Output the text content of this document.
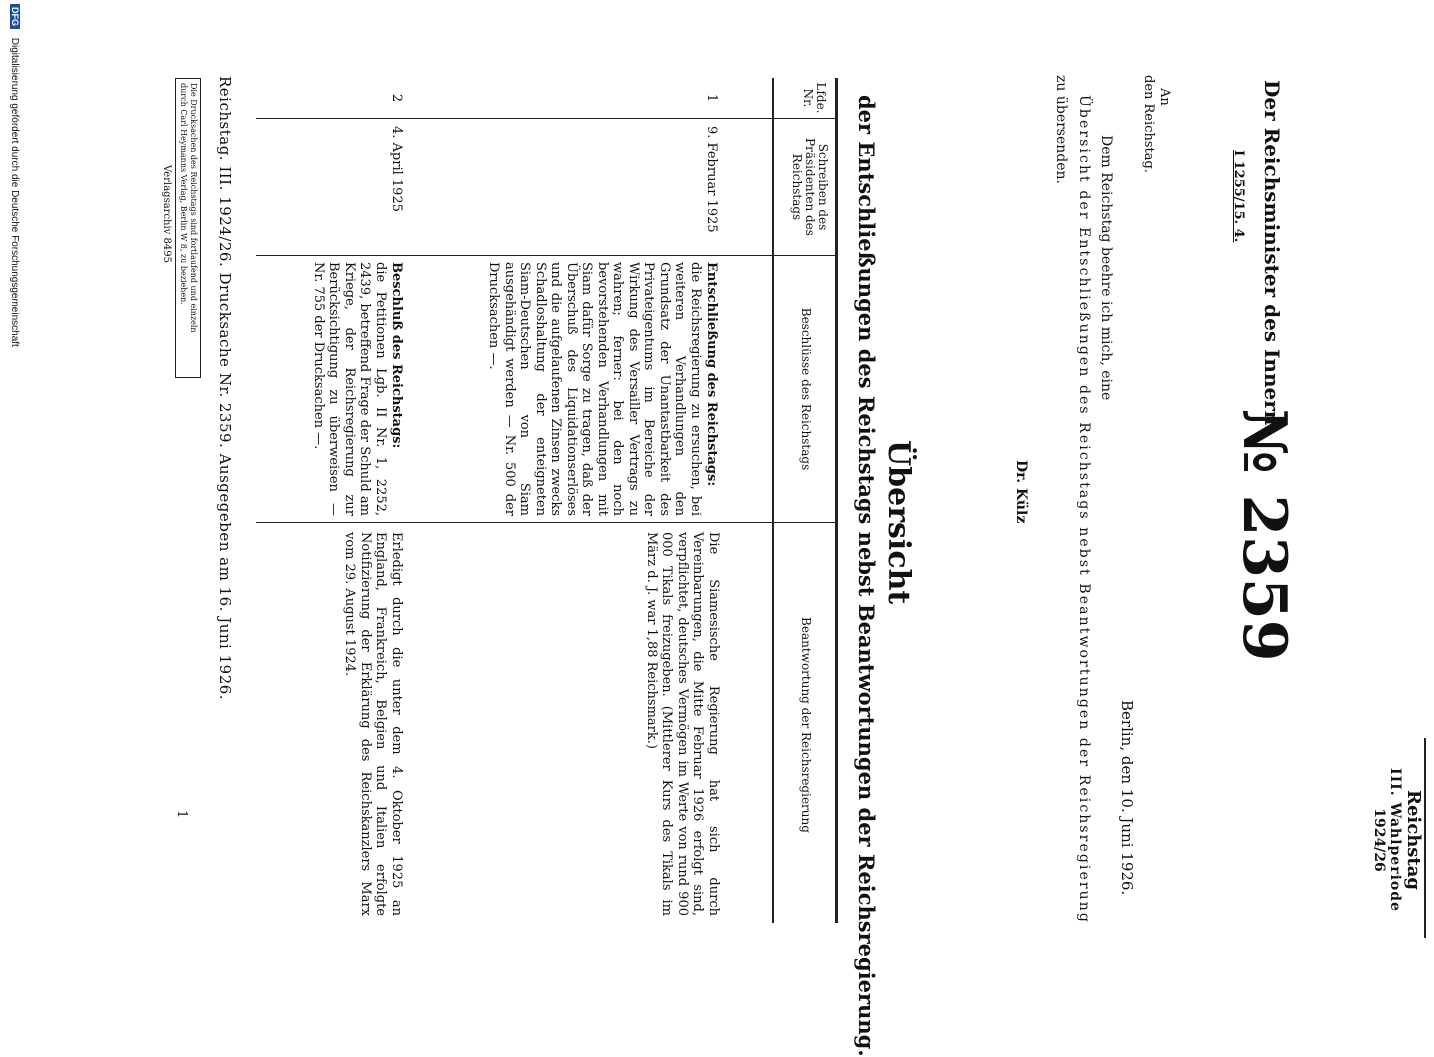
Reichstag
III. Wahlperiode
1924/26
№ 2359
Der Reichsminister des Innern
I 1255/15. 4.
Berlin, den 10. Juni 1926.
An
den Reichstag.
Dem Reichstag beehre ich mich, eine
Übersicht der Entschließungen des Reichstags nebst Beantwortungen der Reichsregierung
zu übersenden.
Dr. Külz
Übersicht
der Entschließungen des Reichstags nebst Beantwortungen der Reichsregierung.
Lfde. Nr.
Schreiben des Präsidenten des Reichstags
Beschlüsse des Reichstags
Beantwortung der Reichsregierung
1
9. Februar 1925
Entschließung des Reichstags:
die Reichsregierung zu ersuchen, bei weiteren Verhandlungen den Grundsatz der Unantastbarkeit des Privateigentums im Bereiche der Wirkung des Versailler Vertrags zu wahren; ferner: bei den noch bevorstehenden Verhandlungen mit Siam dafür Sorge zu tragen, daß der Überschuß des Liquidationserlöses und die aufgelaufenen Zinsen zwecks Schadloshaltung der enteigneten Siam-Deutschen von Siam ausgehändigt werden — Nr. 500 der Drucksachen —.
Die Siamesische Regierung hat sich durch Vereinbarungen, die Mitte Februar 1926 erfolgt sind, verpflichtet, deutsches Vermögen im Werte von rund 900 000 Tikals freizugeben. (Mittlerer Kurs des Tikals im März d. J. war 1,88 Reichsmark.)
2
4. April 1925
Beschluß des Reichstags:
die Petitionen Lgb. II Nr. 1, 2252, 2439, betreffend Frage der Schuld am Kriege, der Reichsregierung zur Berücksichtigung zu überweisen — Nr. 755 der Drucksachen —.
Erledigt durch die unter dem 4. Oktober 1925 an England, Frankreich, Belgien und Italien erfolgte Notifizierung der Erklärung des Reichskanzlers Marx vom 29. August 1924.
Die Drucksachen des Reichstags sind fortlaufend und einzeln
durch Carl Heymanns Verlag, Berlin W 8, zu beziehen.
Verlagsarchiv 8495	Reichstag. III. 1924/26. Drucksache Nr. 2359. Ausgegeben am 16. Juni 1926.
1
DFG Digitalisierung gefördert durch die Deutsche Forschungsgemeinschaft
